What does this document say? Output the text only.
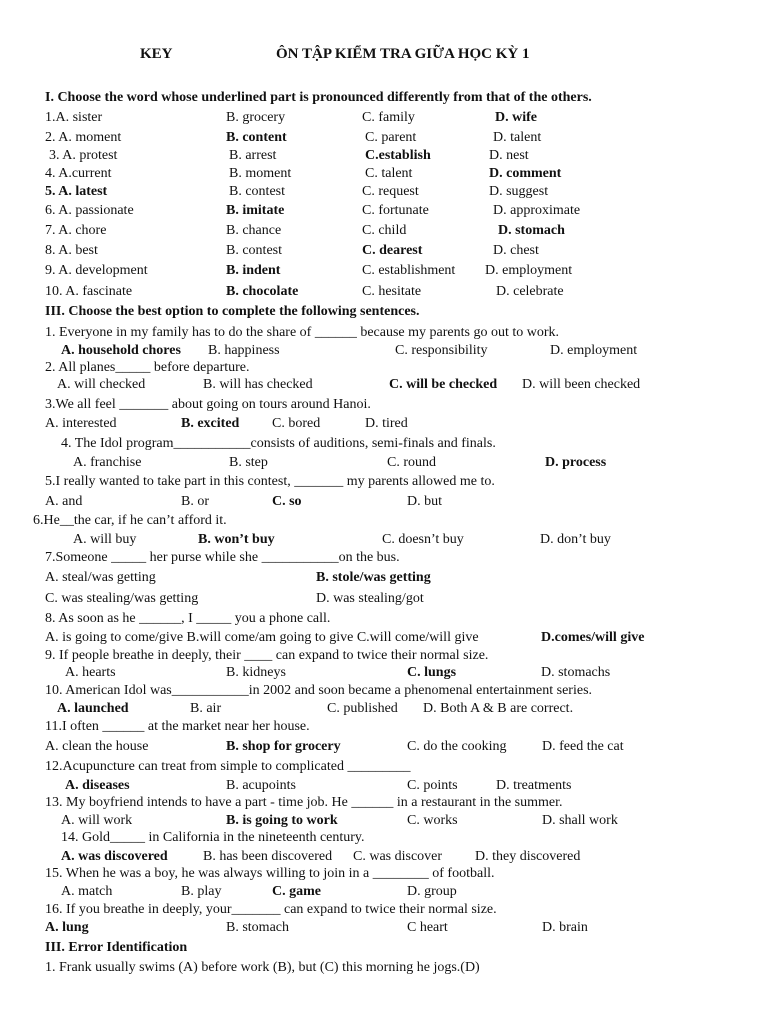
KEY	ÔN TẬP KIỂM TRA GIỮA HỌC KỲ 1
I. Choose the word whose underlined part is pronounced differently from that of the others.
1.A. sister	B. grocery	C. family	D. wife
2. A. moment	B. content	C. parent	D. talent
3. A. protest	B. arrest	C.establish	D. nest
4. A.current	B. moment	C. talent	D. comment
5. A. latest	B. contest	C. request	D. suggest
6. A. passionate	B. imitate	C. fortunate	D. approximate
7. A. chore	B. chance	C. child	D. stomach
8. A. best	B. contest	C. dearest	D. chest
9. A. development	B. indent	C. establishment D. employment
10. A. fascinate	B. chocolate	C. hesitate	D. celebrate
III. Choose the best option to complete the following sentences.
1. Everyone in my family has to do the share of ______ because my parents go out to work.
A. household chores B. happiness	C. responsibility	D. employment
2. All planes_____ before departure.
A. will checked	B. will has checked	C. will be checked D. will been checked
3.We all feel _______ about going on tours around Hanoi.
A. interested	B. excited C. bored	D. tired
4. The Idol program___________consists of auditions, semi-finals and finals.
A. franchise	B. step	C. round	D. process
5.I really wanted to take part in this contest, _______ my parents allowed me to.
A. and	B. or	C. so	D. but
6.He__the car, if he can’t afford it.
A. will buy	B. won’t buy	C. doesn’t buy	D. don’t buy
7.Someone _____ her purse while she ___________on the bus.
A. steal/was getting	B. stole/was getting
C. was stealing/was getting	D. was stealing/got
8. As soon as he ______, I _____ you a phone call.
A. is going to come/give B.will come/am going to give C.will come/will give	D.comes/will give
9. If people breathe in deeply, their ____ can expand to twice their normal size.
A. hearts	B. kidneys	C. lungs	D. stomachs
10. American Idol was___________in 2002 and soon became a phenomenal entertainment series.
A. launched	B. air	C. published D. Both A & B are correct.
11.I often ______ at the market near her house.
A. clean the house	B. shop for grocery	C. do the cooking	D. feed the cat
12.Acupuncture can treat from simple to complicated _________
A. diseases	B. acupoints	C. points	D. treatments
13. My boyfriend intends to have a part - time job. He ______ in a restaurant in the summer.
A. will work	B. is going to work	C. works	D. shall work
14. Gold_____ in California in the nineteenth century.
A. was discovered	B. has been discovered C. was discover D. they discovered
15. When he was a boy, he was always willing to join in a ________ of football.
A. match	B. play	C. game	D. group
16. If you breathe in deeply, your_______ can expand to twice their normal size.
A. lung	B. stomach	C heart	D. brain
III. Error Identification
1. Frank usually swims (A) before work (B), but (C) this morning he jogs.(D)
